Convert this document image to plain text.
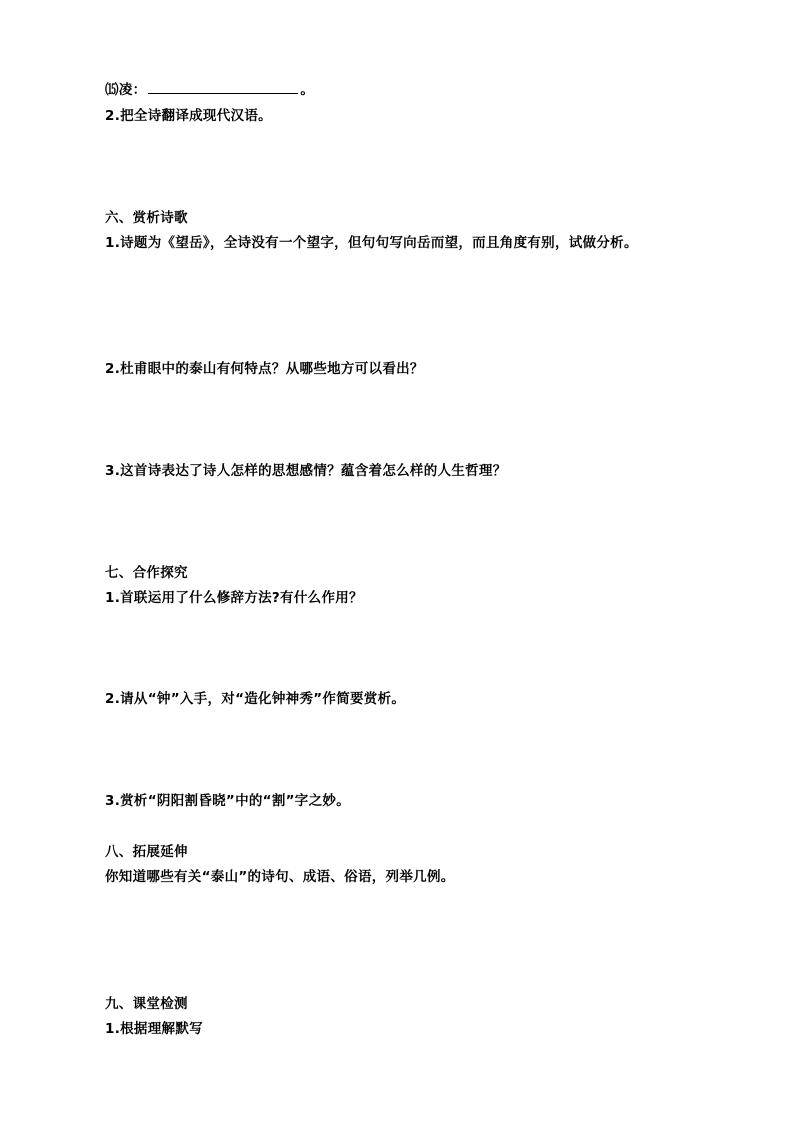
⒂凌：	。
2.把全诗翻译成现代汉语。
六、赏析诗歌
1.诗题为《望岳》，全诗没有一个望字，但句句写向岳而望，而且角度有别，试做分析。
2.杜甫眼中的泰山有何特点？从哪些地方可以看出？
3.这首诗表达了诗人怎样的思想感情？蕴含着怎么样的人生哲理？
七、合作探究
1.首联运用了什么修辞方法?有什么作用？
2.请从“钟”入手，对“造化钟神秀”作简要赏析。
3.赏析“阴阳割昏晓”中的“割”字之妙。
八、拓展延伸
你知道哪些有关“泰山”的诗句、成语、俗语，列举几例。
九、课堂检测
1.根据理解默写
